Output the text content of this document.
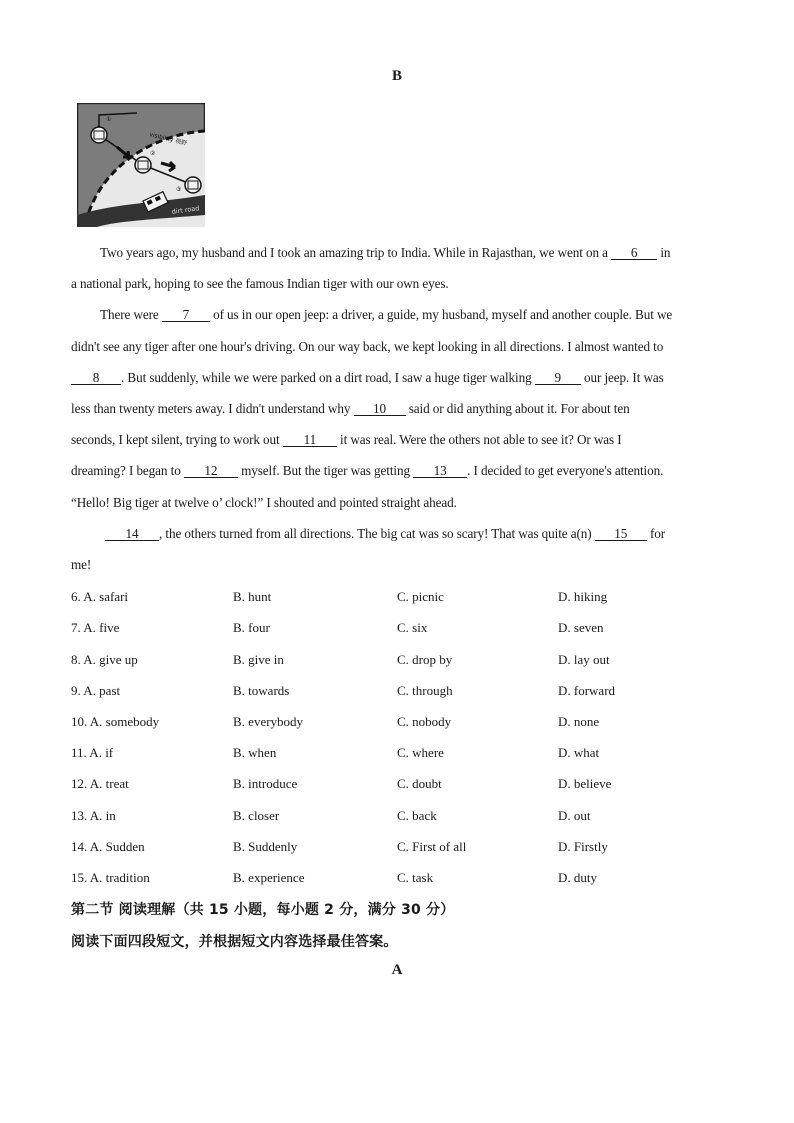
B
visibility 视野
dirt road
①
②
③
Two years ago, my husband and I took an amazing trip to India. While in Rajasthan, we went on a 6 in
a national park, hoping to see the famous Indian tiger with our own eyes.
There were 7 of us in our open jeep: a driver, a guide, my husband, myself and another couple. But we
didn't see any tiger after one hour's driving. On our way back, we kept looking in all directions. I almost wanted to
8 . But suddenly, while we were parked on a dirt road, I saw a huge tiger walking 9 our jeep. It was
less than twenty meters away. I didn't understand why 10 said or did anything about it. For about ten
seconds, I kept silent, trying to work out 11 it was real. Were the others not able to see it? Or was I
dreaming? I began to 12 myself. But the tiger was getting 13 . I decided to get everyone's attention.
“Hello! Big tiger at twelve o’ clock!” I shouted and pointed straight ahead.
14 , the others turned from all directions. The big cat was so scary! That was quite a(n) 15 for
me!
6. A. safari	B. hunt	C. picnic	D. hiking
7. A. five	B. four	C. six	D. seven
8. A. give up	B. give in	C. drop by	D. lay out
9. A. past	B. towards	C. through	D. forward
10. A. somebody	B. everybody	C. nobody	D. none
11. A. if	B. when	C. where	D. what
12. A. treat	B. introduce	C. doubt	D. believe
13. A. in	B. closer	C. back	D. out
14. A. Sudden	B. Suddenly	C. First of all	D. Firstly
15. A. tradition	B. experience	C. task	D. duty
第二节 阅读理解（共 15 小题，每小题 2 分，满分 30 分）
阅读下面四段短文，并根据短文内容选择最佳答案。
A
